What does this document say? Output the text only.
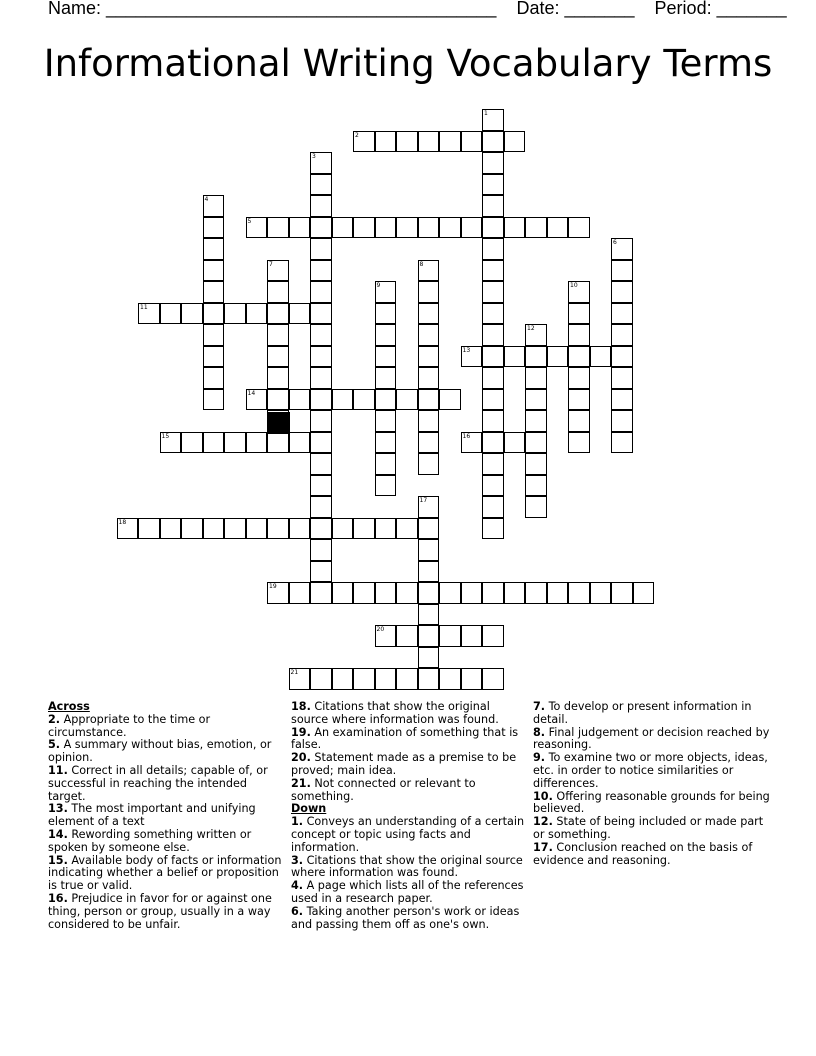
Name: _______________________________________    Date: _______    Period: _______
Informational Writing Vocabulary Terms
1
2
3
4
5
6
7	8
9	10
11
12
13
14
15	16
17
18
19
20
21

Across

2. Appropriate to the time or circumstance.

5. A summary without bias, emotion, or opinion.

11. Correct in all details; capable of, or successful in reaching the intended target.

13. The most important and unifying element of a text

14. Rewording something written or spoken by someone else.

15. Available body of facts or information indicating whether a belief or proposition is true or valid.

16. Prejudice in favor for or against one thing, person or group, usually in a way considered to be unfair.

18. Citations that show the original source where information was found.

19. An examination of something that is false.

20. Statement made as a premise to be proved; main idea.

21. Not connected or relevant to something.

Down

1. Conveys an understanding of a certain concept or topic using facts and information.

3. Citations that show the original source where information was found.

4. A page which lists all of the references used in a research paper.

6. Taking another person's work or ideas and passing them off as one's own.

7. To develop or present information in detail.

8. Final judgement or decision reached by reasoning.

9. To examine two or more objects, ideas, etc. in order to notice similarities or differences.

10. Offering reasonable grounds for being believed.

12. State of being included or made part or something.

17. Conclusion reached on the basis of evidence and reasoning.
